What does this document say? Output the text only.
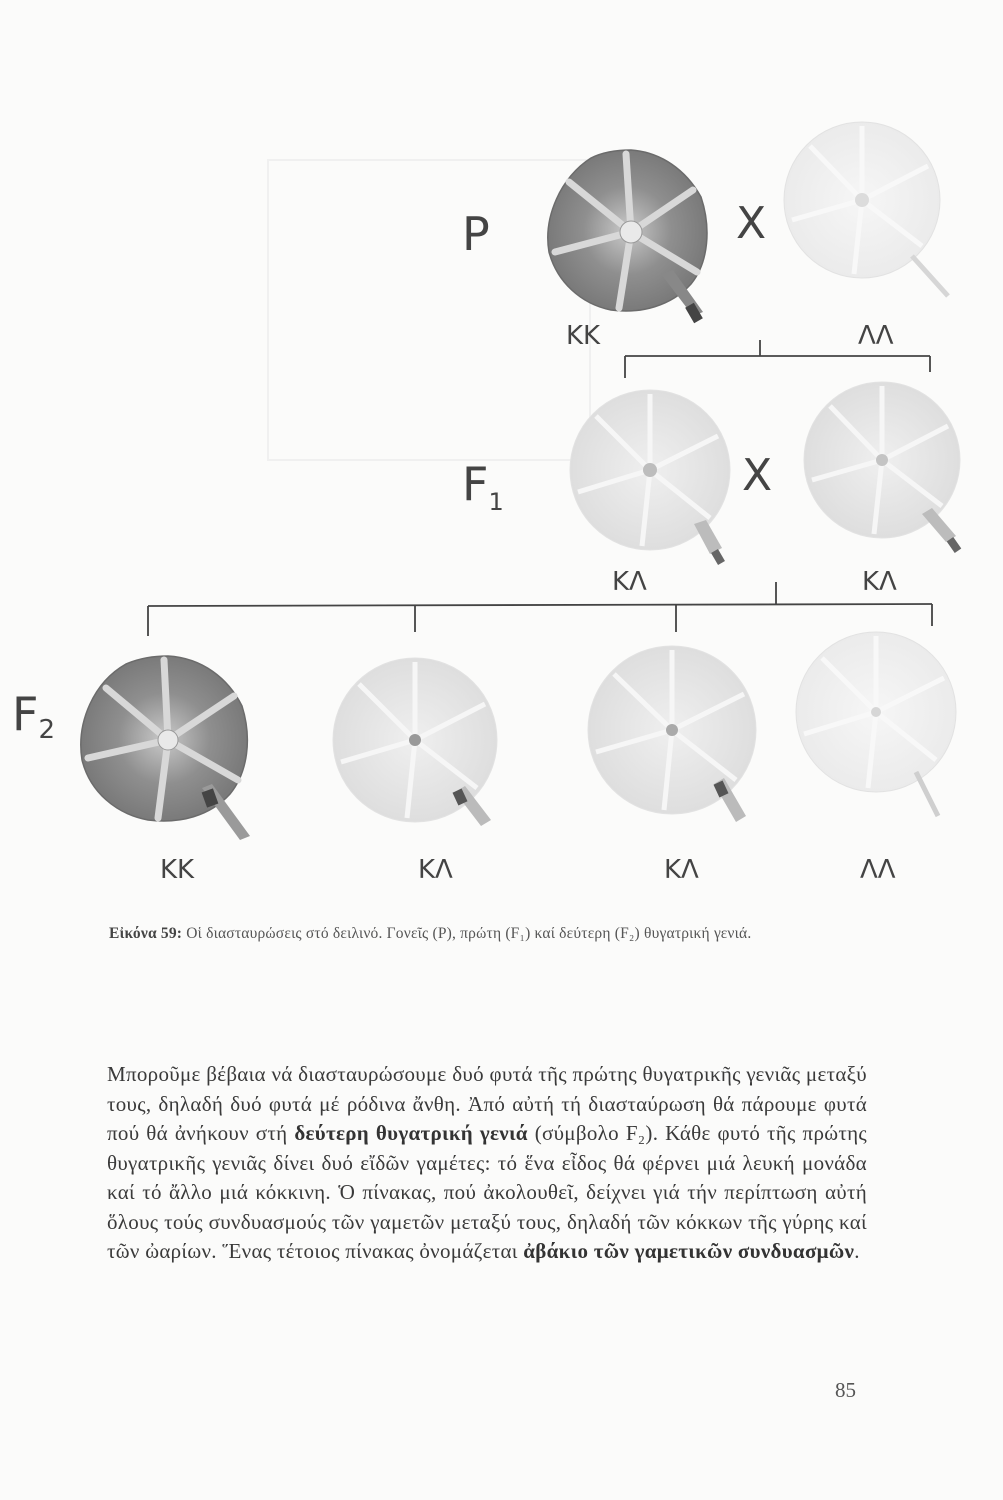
P
$F_1$
F2
X
X
KK	ΛΛ
ΚΛ	ΚΛ
KK	ΚΛ	ΚΛ	ΛΛ
Εἰκόνα 59: Οἱ διασταυρώσεις στό δειλινό. Γονεῖς (Ρ), πρώτη (F₁) καί δεύτερη (F₂) θυγατρική γενιά.
Μποροῦμε βέβαια νά διασταυρώσουμε δυό φυτά τῆς πρώτης θυγατρικῆς γενιᾶς μεταξύ τους, δηλαδή δυό φυτά μέ ρόδινα ἄνθη. Ἀπό αὐτή τή διασταύρωση θά πάρουμε φυτά πού θά ἀνήκουν στή δεύτερη θυγατρική γενιά (σύμβολο F₂). Κάθε φυτό τῆς πρώτης θυγατρικῆς γενιᾶς δίνει δυό εἴδῶν γαμέτες: τό ἕνα εἶδος θά φέρνει μιά λευκή μονάδα καί τό ἄλλο μιά κόκκινη. Ὁ πίνακας, πού ἀκολουθεῖ, δείχνει γιά τήν περίπτωση αὐτή ὅλους τούς συνδυασμούς τῶν γαμετῶν μεταξύ τους, δηλαδή τῶν κόκκων τῆς γύρης καί τῶν ὠαρίων. Ἕνας τέτοιος πίνακας ὀνομάζεται ἀβάκιο τῶν γαμετικῶν συνδυασμῶν.
85
